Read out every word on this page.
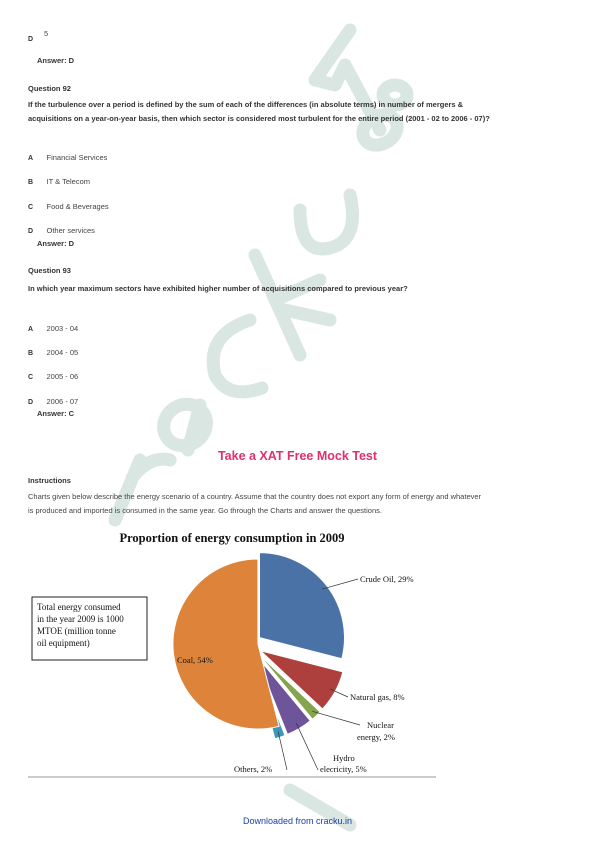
D
5
Answer: D
Question 92
If the turbulence over a period is defined by the sum of each of the differences (in absolute terms) in number of mergers &
acquisitions on a year-on-year basis, then which sector is considered most turbulent for the entire period (2001 - 02 to 2006 - 07)?
A Financial Services
B IT & Telecom
C Food & Beverages
D Other services
Answer: D
Question 93
In which year maximum sectors have exhibited higher number of acquisitions compared to previous year?
A 2003 - 04
B 2004 - 05
C 2005 - 06
D 2006 - 07
Answer: C
Take a XAT Free Mock Test
Instructions
Charts given below describe the energy scenario of a country. Assume that the country does not export any form of energy and whatever
is produced and imported is consumed in the same year. Go through the Charts and answer the questions.
Proportion of energy consumption in 2009
Total energy consumed
in the year 2009 is 1000
MTOE (million tonne
oil equipment)
Crude Oil, 29%
Natural gas, 8%
Nuclear
energy, 2%
Hydro
elecricity, 5%
Others, 2%
Coal, 54%
Downloaded from cracku.in
